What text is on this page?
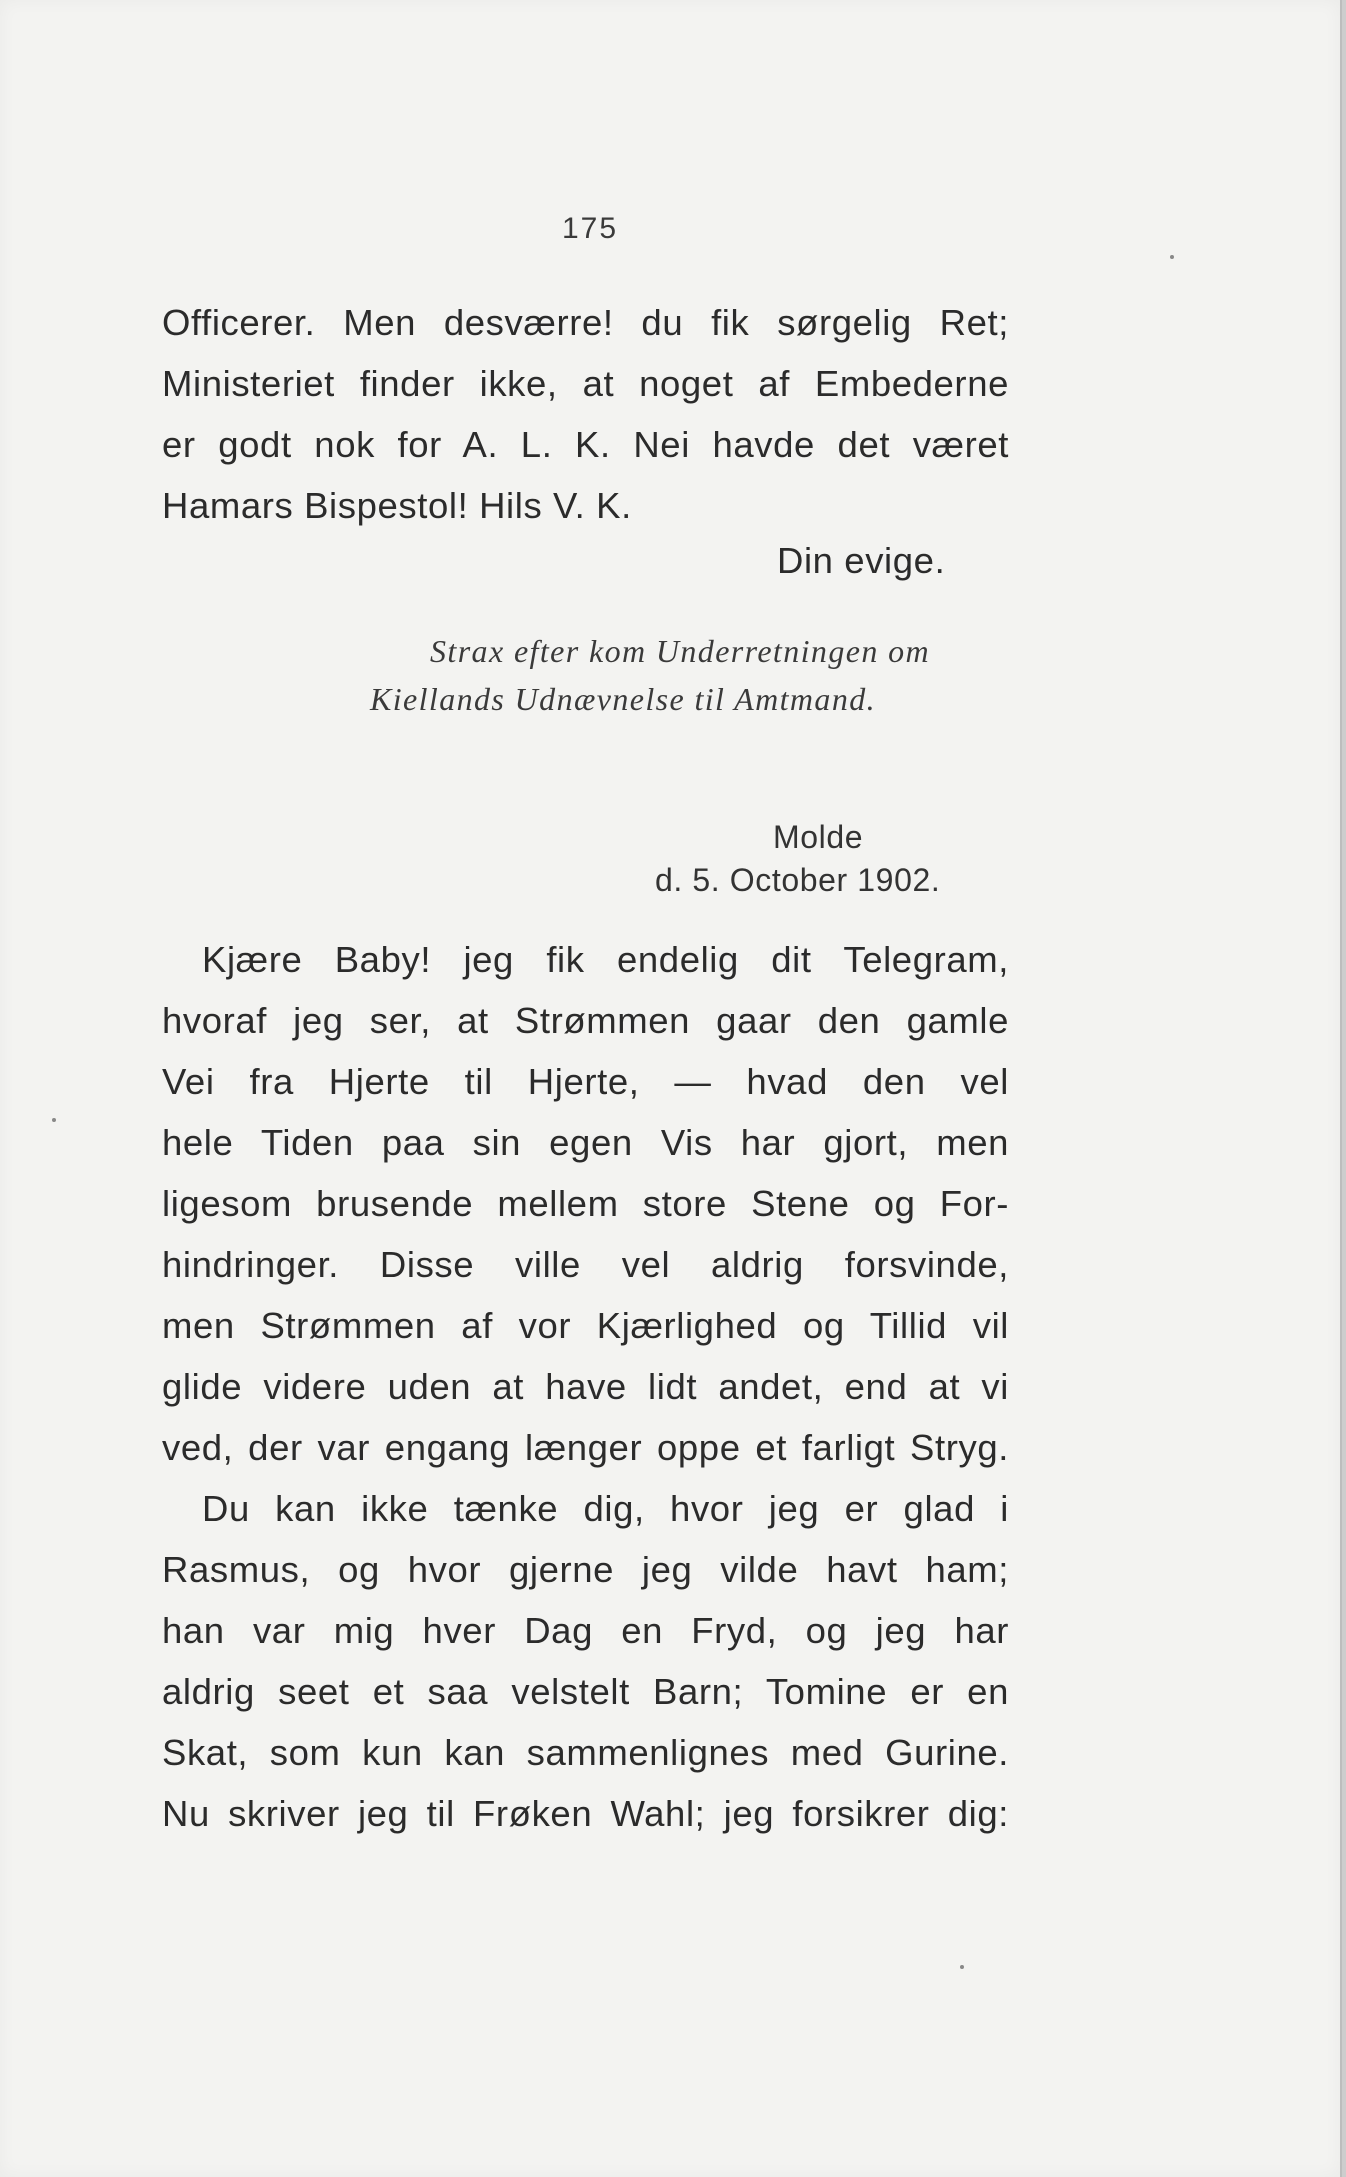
175
Officerer. Men desværre! du fik sørgelig Ret;
Ministeriet finder ikke, at noget af Embederne
er godt nok for A. L. K. Nei havde det været
Hamars Bispestol! Hils V. K.
Din evige.
Strax efter kom Underretningen om
Kiellands Udnævnelse til Amtmand.
Molde
d. 5. October 1902.
Kjære Baby! jeg fik endelig dit Telegram,
hvoraf jeg ser, at Strømmen gaar den gamle
Vei fra Hjerte til Hjerte, — hvad den vel
hele Tiden paa sin egen Vis har gjort, men
ligesom brusende mellem store Stene og For-
hindringer. Disse ville vel aldrig forsvinde,
men Strømmen af vor Kjærlighed og Tillid vil
glide videre uden at have lidt andet, end at vi
ved, der var engang længer oppe et farligt Stryg.
Du kan ikke tænke dig, hvor jeg er glad i
Rasmus, og hvor gjerne jeg vilde havt ham;
han var mig hver Dag en Fryd, og jeg har
aldrig seet et saa velstelt Barn; Tomine er en
Skat, som kun kan sammenlignes med Gurine.
Nu skriver jeg til Frøken Wahl; jeg forsikrer dig:
